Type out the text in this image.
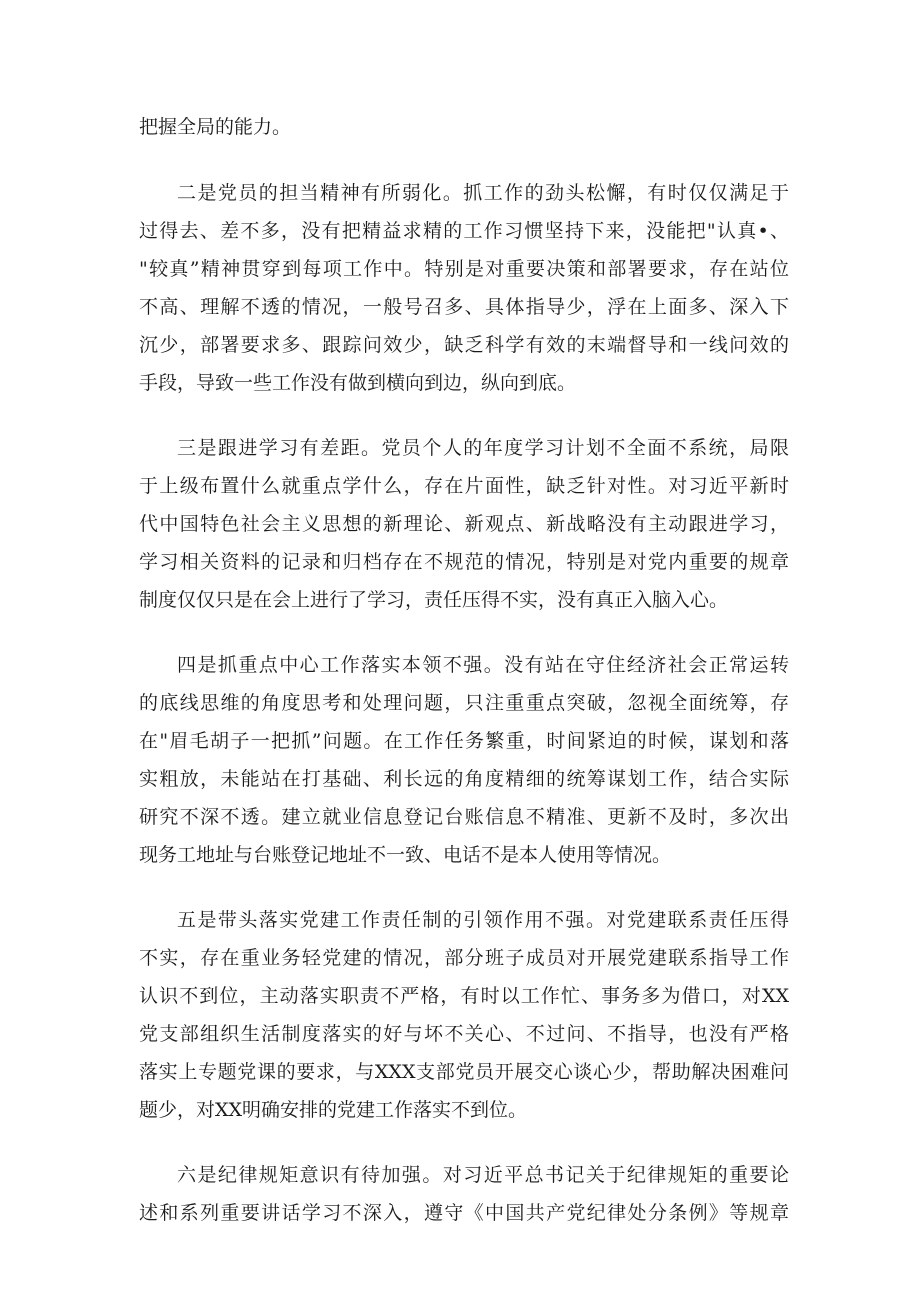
把握全局的能力。
二是党员的担当精神有所弱化。抓工作的劲头松懈，有时仅仅满足于
过得去、差不多，没有把精益求精的工作习惯坚持下来，没能把"认真•、
"较真”精神贯穿到每项工作中。特别是对重要决策和部署要求，存在站位
不高、理解不透的情况，一般号召多、具体指导少，浮在上面多、深入下
沉少，部署要求多、跟踪问效少，缺乏科学有效的末端督导和一线问效的
手段，导致一些工作没有做到横向到边，纵向到底。
三是跟进学习有差距。党员个人的年度学习计划不全面不系统，局限
于上级布置什么就重点学什么，存在片面性，缺乏针对性。对习近平新时
代中国特色社会主义思想的新理论、新观点、新战略没有主动跟进学习，
学习相关资料的记录和归档存在不规范的情况，特别是对党内重要的规章
制度仅仅只是在会上进行了学习，责任压得不实，没有真正入脑入心。
四是抓重点中心工作落实本领不强。没有站在守住经济社会正常运转
的底线思维的角度思考和处理问题，只注重重点突破，忽视全面统筹，存
在"眉毛胡子一把抓”问题。在工作任务繁重，时间紧迫的时候，谋划和落
实粗放，未能站在打基础、利长远的角度精细的统筹谋划工作，结合实际
研究不深不透。建立就业信息登记台账信息不精准、更新不及时，多次出
现务工地址与台账登记地址不一致、电话不是本人使用等情况。
五是带头落实党建工作责任制的引领作用不强。对党建联系责任压得
不实，存在重业务轻党建的情况，部分班子成员对开展党建联系指导工作
认识不到位，主动落实职责不严格，有时以工作忙、事务多为借口，对XX
党支部组织生活制度落实的好与坏不关心、不过问、不指导，也没有严格
落实上专题党课的要求，与XXX支部党员开展交心谈心少，帮助解决困难问
题少，对XX明确安排的党建工作落实不到位。
六是纪律规矩意识有待加强。对习近平总书记关于纪律规矩的重要论
述和系列重要讲话学习不深入，遵守《中国共产党纪律处分条例》等规章
